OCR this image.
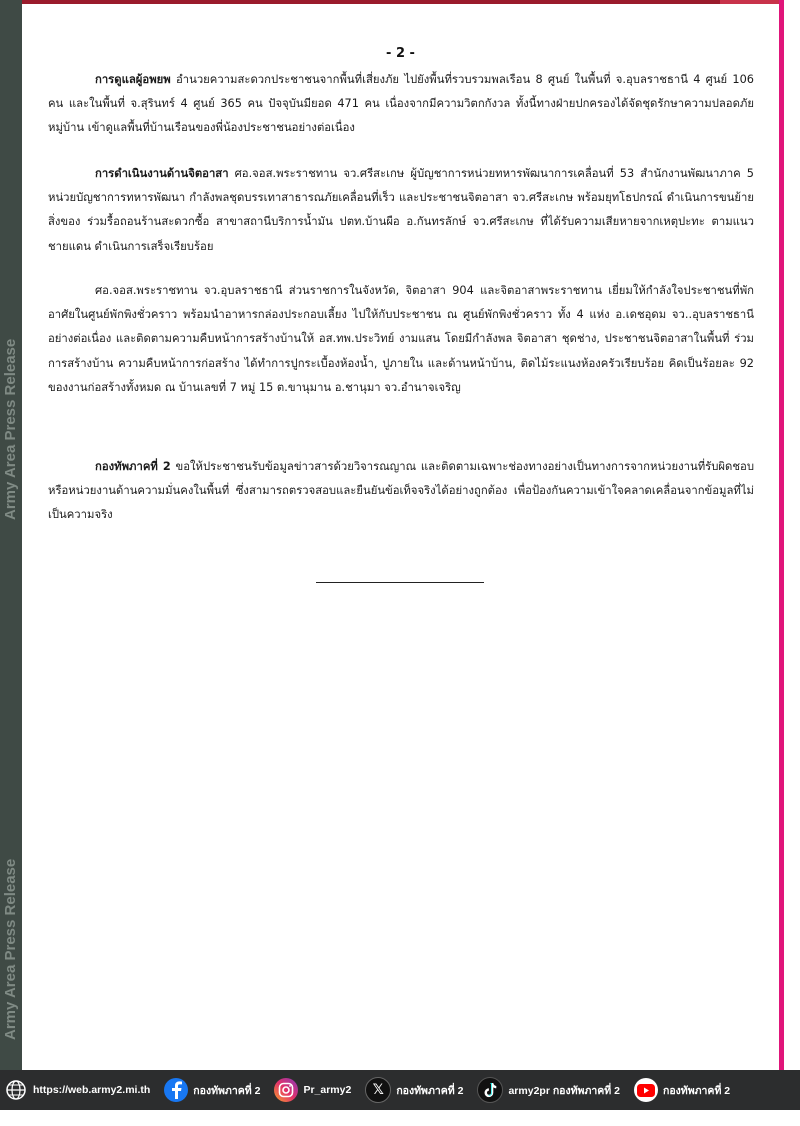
Army Area Press Release
Army Area Press Release
- 2 -

การดูแลผู้อพยพ อำนวยความสะดวกประชาชนจากพื้นที่เสี่ยงภัย ไปยังพื้นที่รวบรวมพลเรือน 8 ศูนย์ ในพื้นที่ จ.อุบลราชธานี 4 ศูนย์ 106 คน และในพื้นที่ จ.สุรินทร์ 4 ศูนย์ 365 คน ปัจจุบันมียอด 471 คน เนื่องจากมีความวิตกกังวล ทั้งนี้ทางฝ่ายปกครองได้จัดชุดรักษาความปลอดภัยหมู่บ้าน เข้าดูแลพื้นที่บ้านเรือนของพี่น้องประชาชนอย่างต่อเนื่อง

การดำเนินงานด้านจิตอาสา ศอ.จอส.พระราชทาน จว.ศรีสะเกษ ผู้บัญชาการหน่วยทหารพัฒนาการเคลื่อนที่ 53 สำนักงานพัฒนาภาค 5 หน่วยบัญชาการทหารพัฒนา กำลังพลชุดบรรเทาสาธารณภัยเคลื่อนที่เร็ว และประชาชนจิตอาสา จว.ศรีสะเกษ พร้อมยุทโธปกรณ์ ดำเนินการขนย้ายสิ่งของ ร่วมรื้อถอนร้านสะดวกซื้อ สาขาสถานีบริการน้ำมัน ปตท.บ้านผือ อ.กันทรลักษ์ จว.ศรีสะเกษ ที่ได้รับความเสียหายจากเหตุปะทะ ตามแนวชายแดน ดำเนินการเสร็จเรียบร้อย

ศอ.จอส.พระราชทาน จว.อุบลราชธานี ส่วนราชการในจังหวัด, จิตอาสา 904 และจิตอาสาพระราชทาน เยี่ยมให้กำลังใจประชาชนที่พักอาศัยในศูนย์พักพิงชั่วคราว พร้อมนำอาหารกล่องประกอบเลี้ยง ไปให้กับประชาชน ณ ศูนย์พักพิงชั่วคราว ทั้ง 4 แห่ง อ.เดชอุดม จว..อุบลราชธานี อย่างต่อเนื่อง และติดตามความคืบหน้าการสร้างบ้านให้ อส.ทพ.ประวิทย์ งามแสน โดยมีกำลังพล จิตอาสา ชุดช่าง, ประชาชนจิตอาสาในพื้นที่ ร่วมการสร้างบ้าน ความคืบหน้าการก่อสร้าง ได้ทำการปูกระเบื้องห้องน้ำ, ปูภายใน และด้านหน้าบ้าน, ติดไม้ระแนงห้องครัวเรียบร้อย คิดเป็นร้อยละ 92 ของงานก่อสร้างทั้งหมด ณ บ้านเลขที่ 7 หมู่ 15 ต.ขานุมาน อ.ชานุมา จว.อำนาจเจริญ

กองทัพภาคที่ 2 ขอให้ประชาชนรับข้อมูลข่าวสารด้วยวิจารณญาณ และติดตามเฉพาะช่องทางอย่างเป็นทางการจากหน่วยงานที่รับผิดชอบ หรือหน่วยงานด้านความมั่นคงในพื้นที่ ซึ่งสามารถตรวจสอบและยืนยันข้อเท็จจริงได้อย่างถูกต้อง เพื่อป้องกันความเข้าใจคลาดเคลื่อนจากข้อมูลที่ไม่เป็นความจริง

https://web.army2.mi.th	กองทัพภาคที่ 2	Pr_army2	𝕏	กองทัพภาคที่ 2	army2pr กองทัพภาคที่ 2	กองทัพภาคที่ 2
